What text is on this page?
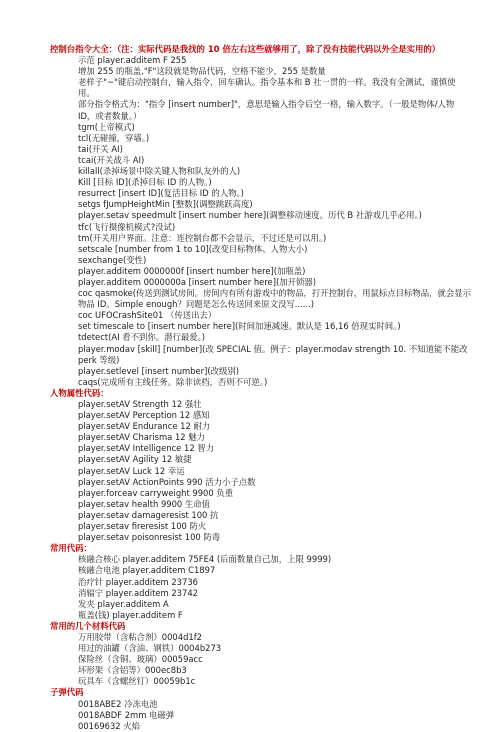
控制台指令大全：（注：实际代码是我找的 10 倍左右这些就够用了，除了没有技能代码以外全是实用的）
示范 player.additem F 255
增加 255 的瓶盖,"F"这段就是物品代码，空格不能少，255 是数量
老样子"~"键启动控制台，输入指令，回车确认。指令基本和 B 社一贯的一样。我没有全测试，谨慎使用。
部分指令格式为："指令 [insert number]"，意思是输入指令后空一格，输入数字。（一般是物体/人物 ID，或者数量。）
tgm(上帝模式)
tcl(无碰撞，穿墙。)
tai(开关 AI)
tcai(开关战斗 AI)
killall(杀掉场景中除关键人物和队友外的人)
Kill [目标 ID](杀掉目标 ID 的人物。)
resurrect [insert ID](复活目标 ID 的人物。)
setgs fJumpHeightMin [整数](调整跳跃高度)
player.setav speedmult [insert number here](调整移动速度。历代 B 社游戏几乎必用。)
tfc(飞行摄像机模式?没试)
tm(开关用户界面。注意：连控制台都不会显示，不过还是可以用。)
setscale [number from 1 to 10](改变目标物体、人物大小)
sexchange(变性)
player.additem 0000000f [insert number here](加瓶盖)
player.additem 0000000a [insert number here](加开锁器)
coc qasmoke(传送到测试房间。房间内有所有游戏中的物品，打开控制台，用鼠标点目标物品，就会显示物品 ID。Simple enough？问题是怎么传送回来原文没写......)
coc UFOCrashSite01 （传送出去）
set timescale to [insert number here](时间加速减速。默认是 16,16 倍现实时间。)
tdetect(AI 看不到你。潜行最爱。)
player.modav [skill] [number](改 SPECIAL 值。例子：player.modav strength 10. 不知道能不能改 perk 等级)
player.setlevel [insert number](改级别)
caqs(完成所有主线任务。除非读档，否则不可逆。)
人物属性代码：
player.setAV Strength 12 强壮
player.setAV Perception 12 感知
player.setAV Endurance 12 耐力
player.setAV Charisma 12 魅力
player.setAV Intelligence 12 智力
player.setAV Agility 12 敏捷
player.setAV Luck 12 幸运
player.setAV ActionPoints 990 活力小子点数
player.forceav carryweight 9900 负重
player.setav health 9900 生命值
player.setav damageresist 100 抗
player.setav fireresist 100 防火
player.setav poisonresist 100 防毒
常用代码：
核融合核心 player.additem 75FE4 (后面数量自己加，上限 9999)
核融合电池 player.additem C1897
治疗针 player.additem 23736
消辐宁 player.additem 23742
发夹 player.additem A
瓶盖(钱) player.additem F
常用的几个材料代码
万用胶带（含粘合剂）0004d1f2
用过的油罐（含油、钢铁）0004b273
保险丝（含铜、玻璃）00059acc
坏形架（含铝等）000ec8b3
玩具车（含螺丝钉）00059b1c
子弹代码
0018ABE2 冷冻电池
0018ABDF 2mm 电磁弹
00169632 火焰
